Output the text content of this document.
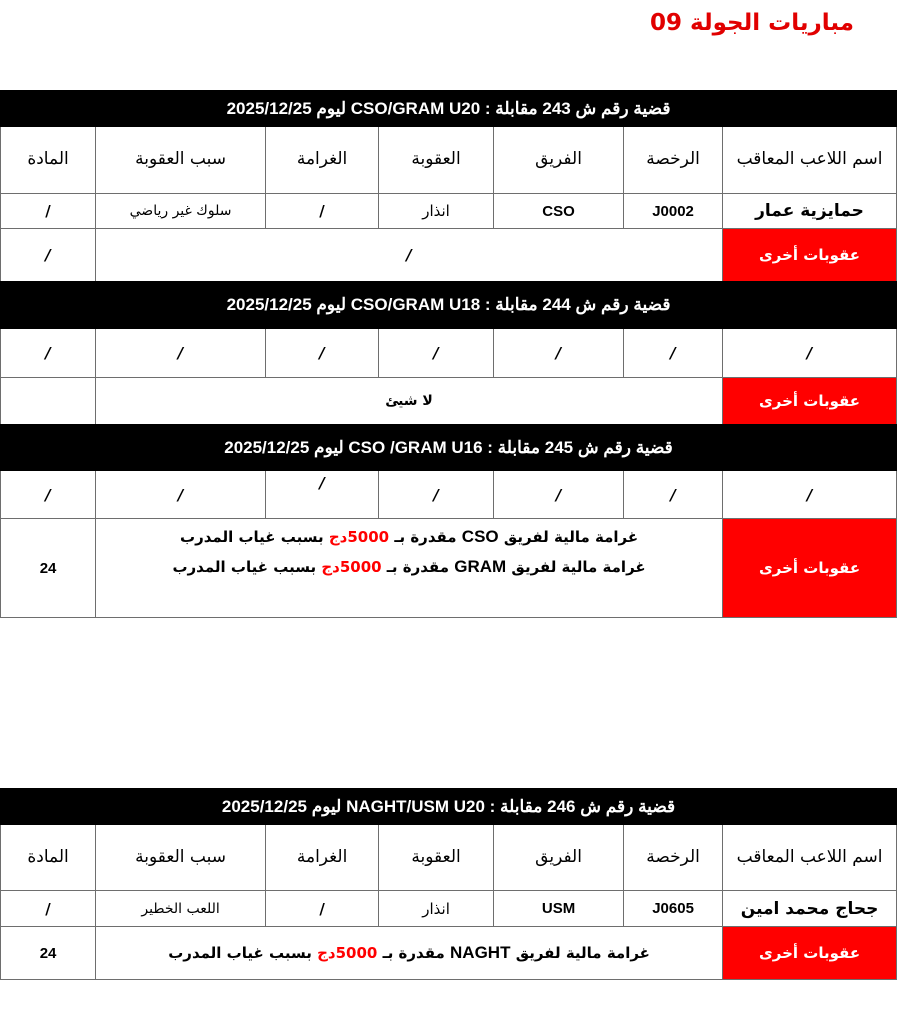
مباريات الجولة 09
قضية رقم ش 243 مقابلة : CSO/GRAM U20 ليوم 2025/12/25						
اسم اللاعب المعاقب	الرخصة	الفريق	العقوبة	الغرامة	سبب العقوبة	المادة
حمايزية عمار	J0002	CSO	انذار	/	سلوك غير رياضي	/
عقوبات أخرى	/					/
قضية رقم ش 244 مقابلة : CSO/GRAM U18 ليوم 2025/12/25						
/	/	/	/	/	/	/
عقوبات أخرى	لا شيئ					
قضية رقم ش 245 مقابلة : CSO /GRAM U16 ليوم 2025/12/25						
/	/	/	/	/	/	/
عقوبات أخرى	غرامة مالية لفريق CSO مقدرة بـ 5000دج بسبب غياب المدرب
غرامة مالية لفريق GRAM مقدرة بـ 5000دج بسبب غياب المدرب					24
قضية رقم ش 246 مقابلة : NAGHT/USM U20 ليوم 2025/12/25						
اسم اللاعب المعاقب	الرخصة	الفريق	العقوبة	الغرامة	سبب العقوبة	المادة
جحاج محمد امين	J0605	USM	انذار	/	اللعب الخطير	/
عقوبات أخرى	غرامة مالية لفريق NAGHT مقدرة بـ 5000دج بسبب غياب المدرب					24
